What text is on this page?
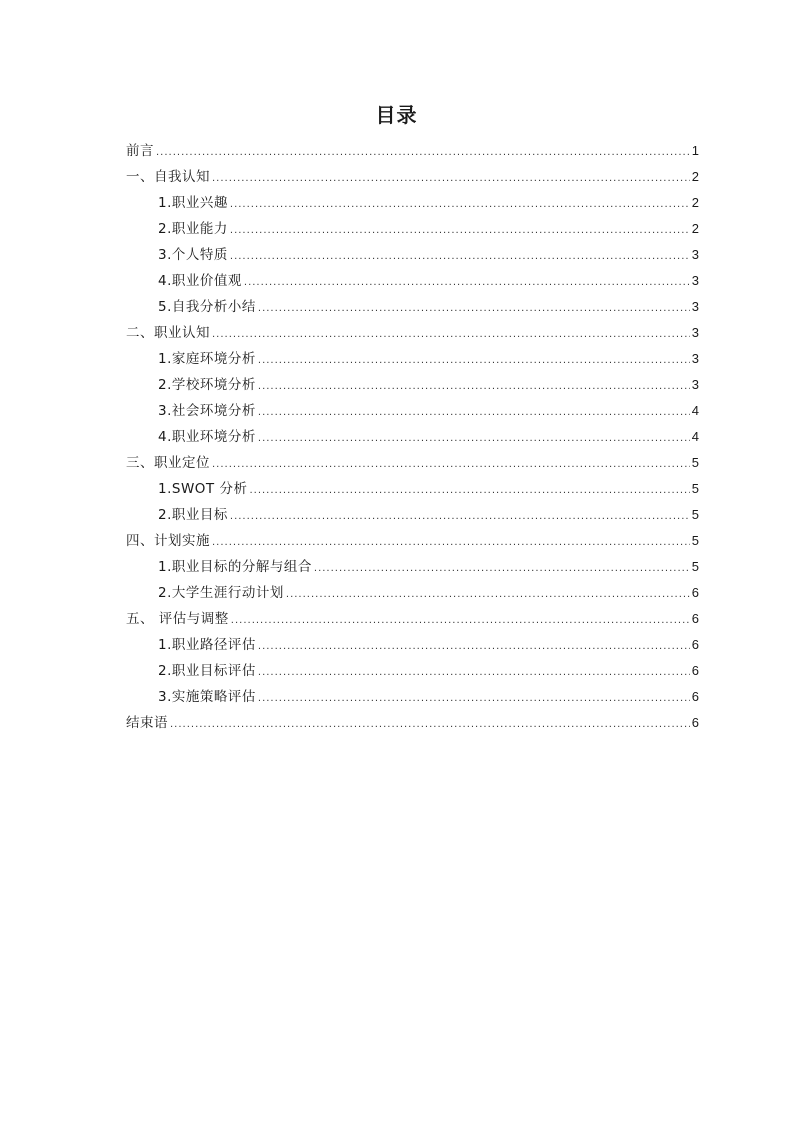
目录
前言 .....	1
一、自我认知 .....	2
1.职业兴趣 .....	2
2.职业能力 .....	2
3.个人特质 .....	3
4.职业价值观 .....	3
5.自我分析小结 .....	3
二、职业认知 .....	3
1.家庭环境分析 .....	3
2.学校环境分析 .....	3
3.社会环境分析 .....	4
4.职业环境分析 .....	4
三、职业定位 .....	5
1.SWOT 分析 .....	5
2.职业目标 .....	5
四、计划实施 .....	5
1.职业目标的分解与组合 .....	5
2.大学生涯行动计划 .....	6
五、 评估与调整 .....	6
1.职业路径评估 .....	6
2.职业目标评估 .....	6
3.实施策略评估 .....	6
结束语 .....	6
